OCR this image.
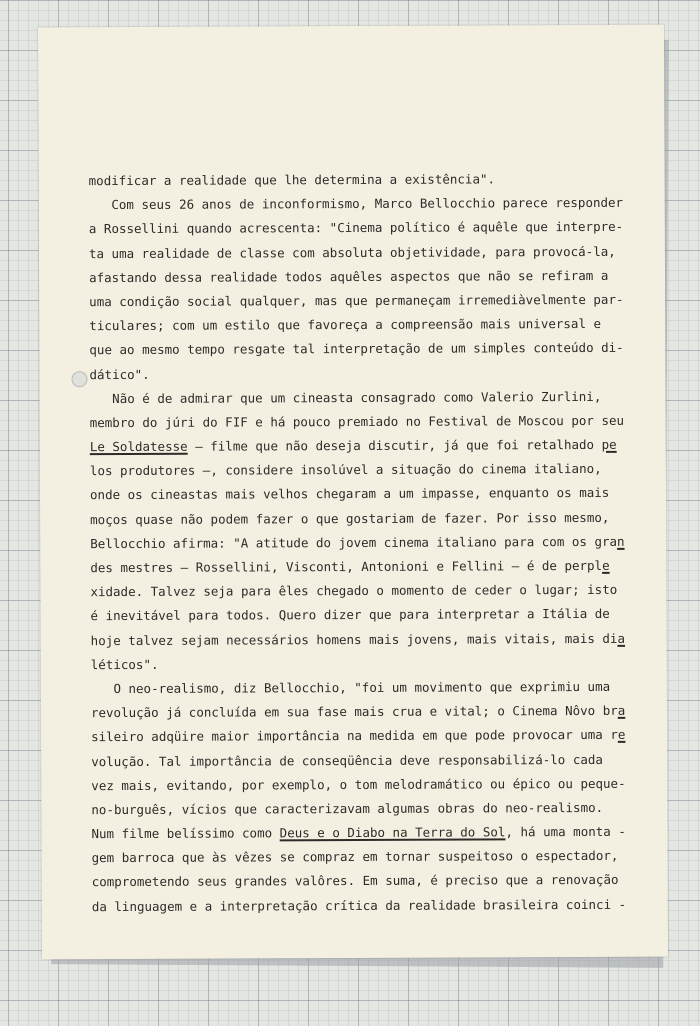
modificar a realidade que lhe determina a existência".
Com seus 26 anos de inconformismo, Marco Bellocchio parece responder
a Rossellini quando acrescenta: "Cinema político é aquêle que interpre-
ta uma realidade de classe com absoluta objetividade, para provocá-la,
afastando dessa realidade todos aquêles aspectos que não se refiram a
uma condição social qualquer, mas que permaneçam irremediàvelmente par-
ticulares; com um estilo que favoreça a compreensão mais universal e
que ao mesmo tempo resgate tal interpretação de um simples conteúdo di-
dático".
Não é de admirar que um cineasta consagrado como Valerio Zurlini,
membro do júri do FIF e há pouco premiado no Festival de Moscou por seu
Le Soldatesse — filme que não deseja discutir, já que foi retalhado pe
los produtores —, considere insolúvel a situação do cinema italiano,
onde os cineastas mais velhos chegaram a um impasse, enquanto os mais
moços quase não podem fazer o que gostariam de fazer. Por isso mesmo,
Bellocchio afirma: "A atitude do jovem cinema italiano para com os gran
des mestres — Rossellini, Visconti, Antonioni e Fellini — é de perple
xidade. Talvez seja para êles chegado o momento de ceder o lugar; isto
é inevitável para todos. Quero dizer que para interpretar a Itália de
hoje talvez sejam necessários homens mais jovens, mais vitais, mais dia
léticos".
O neo-realismo, diz Bellocchio, "foi um movimento que exprimiu uma
revolução já concluída em sua fase mais crua e vital; o Cinema Nôvo bra
sileiro adqüire maior importância na medida em que pode provocar uma re
volução. Tal importância de conseqüência deve responsabilizá-lo cada
vez mais, evitando, por exemplo, o tom melodramático ou épico ou peque-
no-burguês, vícios que caracterizavam algumas obras do neo-realismo.
Num filme belíssimo como Deus e o Diabo na Terra do Sol, há uma monta -
gem barroca que às vêzes se compraz em tornar suspeitoso o espectador,
comprometendo seus grandes valôres. Em suma, é preciso que a renovação
da linguagem e a interpretação crítica da realidade brasileira coinci -
